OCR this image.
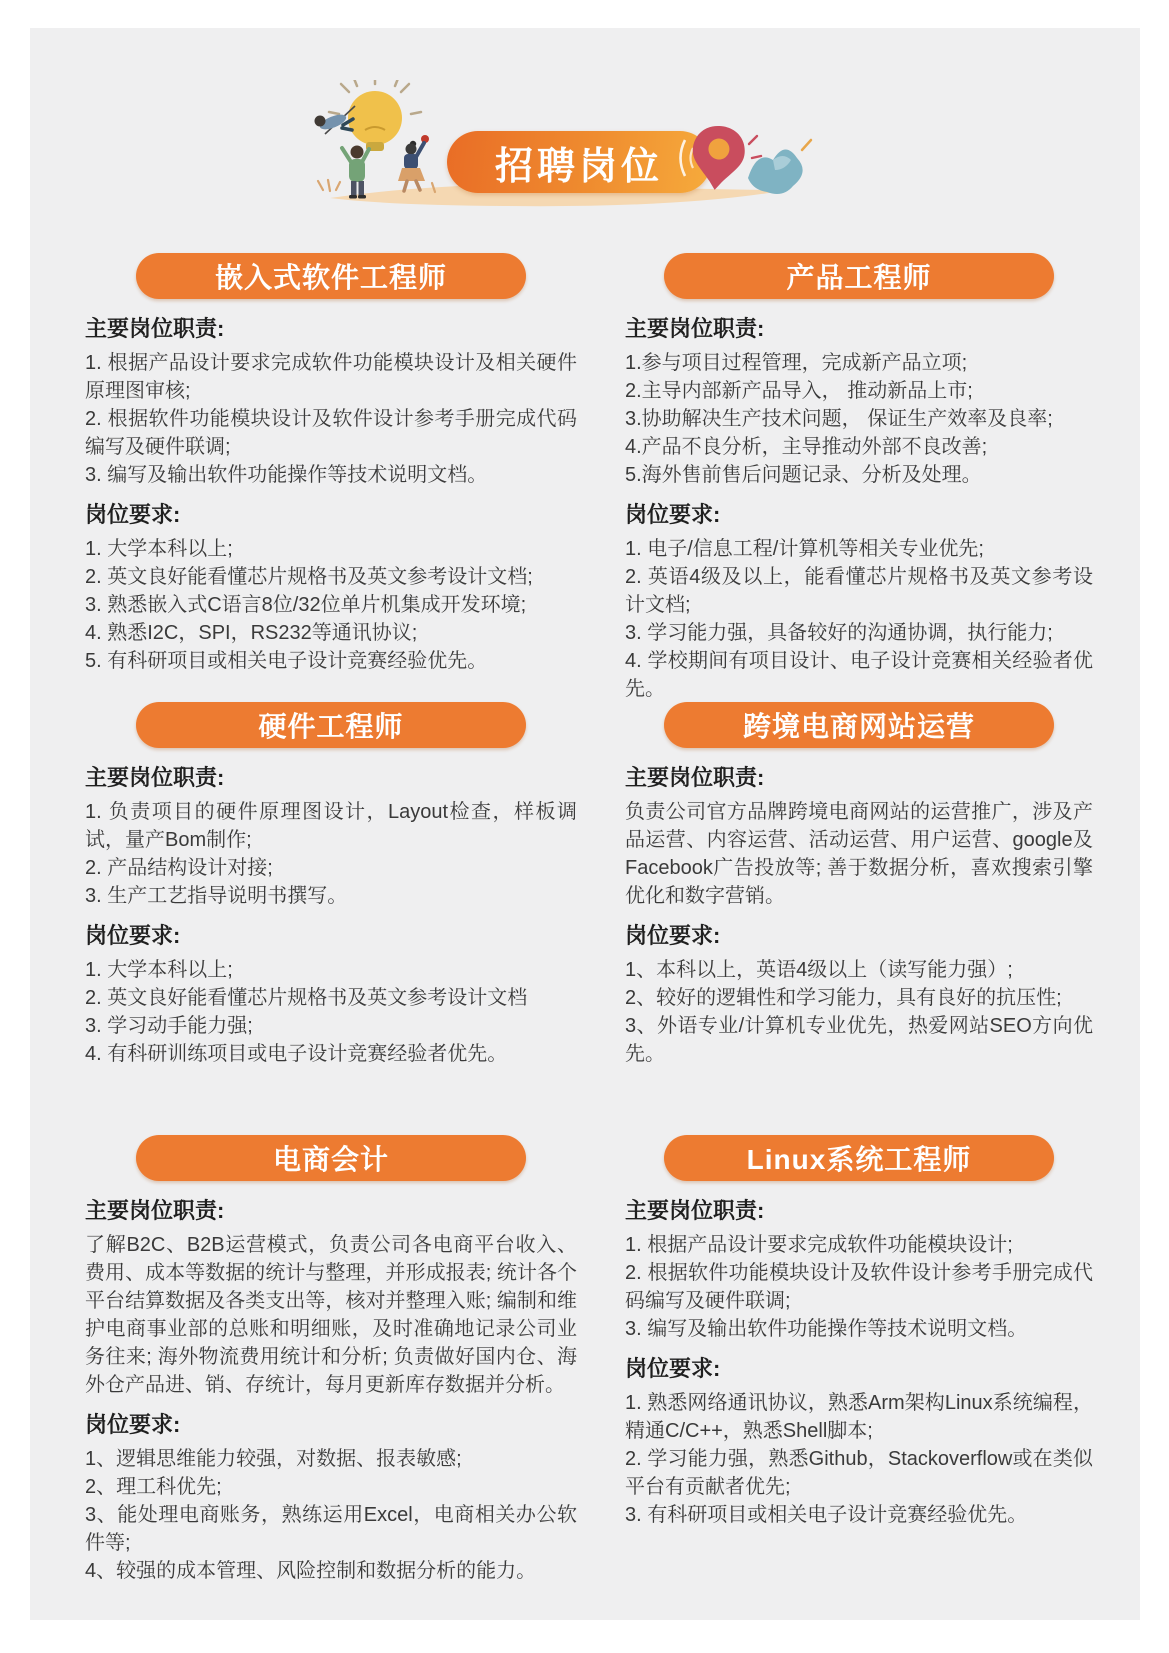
招聘岗位
嵌入式软件工程师
主要岗位职责:

1. 根据产品设计要求完成软件功能模块设计及相关硬件原理图审核;

2. 根据软件功能模块设计及软件设计参考手册完成代码编写及硬件联调;

3. 编写及输出软件功能操作等技术说明文档。

岗位要求:

1. 大学本科以上;

2. 英文良好能看懂芯片规格书及英文参考设计文档;

3. 熟悉嵌入式C语言8位/32位单片机集成开发环境;

4. 熟悉I2C，SPI，RS232等通讯协议;

5. 有科研项目或相关电子设计竞赛经验优先。

产品工程师
主要岗位职责:

1.参与项目过程管理，完成新产品立项;

2.主导内部新产品导入， 推动新品上市;

3.协助解决生产技术问题， 保证生产效率及良率;

4.产品不良分析，主导推动外部不良改善;

5.海外售前售后问题记录、分析及处理。

岗位要求:

1. 电子/信息工程/计算机等相关专业优先;

2. 英语4级及以上，能看懂芯片规格书及英文参考设计文档;

3. 学习能力强，具备较好的沟通协调，执行能力;

4. 学校期间有项目设计、电子设计竞赛相关经验者优先。

硬件工程师
主要岗位职责:

1. 负责项目的硬件原理图设计，Layout检查，样板调试，量产Bom制作;

2. 产品结构设计对接;

3. 生产工艺指导说明书撰写。

岗位要求:

1. 大学本科以上;

2. 英文良好能看懂芯片规格书及英文参考设计文档

3. 学习动手能力强;

4. 有科研训练项目或电子设计竞赛经验者优先。

跨境电商网站运营
主要岗位职责:

负责公司官方品牌跨境电商网站的运营推广，涉及产品运营、内容运营、活动运营、用户运营、google及Facebook广告投放等; 善于数据分析，喜欢搜索引擎优化和数字营销。

岗位要求:

1、本科以上，英语4级以上（读写能力强）;

2、较好的逻辑性和学习能力，具有良好的抗压性;

3、外语专业/计算机专业优先，热爱网站SEO方向优先。

电商会计
主要岗位职责:

了解B2C、B2B运营模式，负责公司各电商平台收入、费用、成本等数据的统计与整理，并形成报表; 统计各个平台结算数据及各类支出等，核对并整理入账; 编制和维护电商事业部的总账和明细账，及时准确地记录公司业务往来; 海外物流费用统计和分析; 负责做好国内仓、海外仓产品进、销、存统计，每月更新库存数据并分析。

岗位要求:

1、逻辑思维能力较强，对数据、报表敏感;

2、理工科优先;

3、能处理电商账务，熟练运用Excel，电商相关办公软件等;

4、较强的成本管理、风险控制和数据分析的能力。

Linux系统工程师
主要岗位职责:

1. 根据产品设计要求完成软件功能模块设计;

2. 根据软件功能模块设计及软件设计参考手册完成代码编写及硬件联调;

3. 编写及输出软件功能操作等技术说明文档。

岗位要求:

1. 熟悉网络通讯协议，熟悉Arm架构Linux系统编程，精通C/C++，熟悉Shell脚本;

2. 学习能力强，熟悉Github，Stackoverflow或在类似平台有贡献者优先;

3. 有科研项目或相关电子设计竞赛经验优先。
